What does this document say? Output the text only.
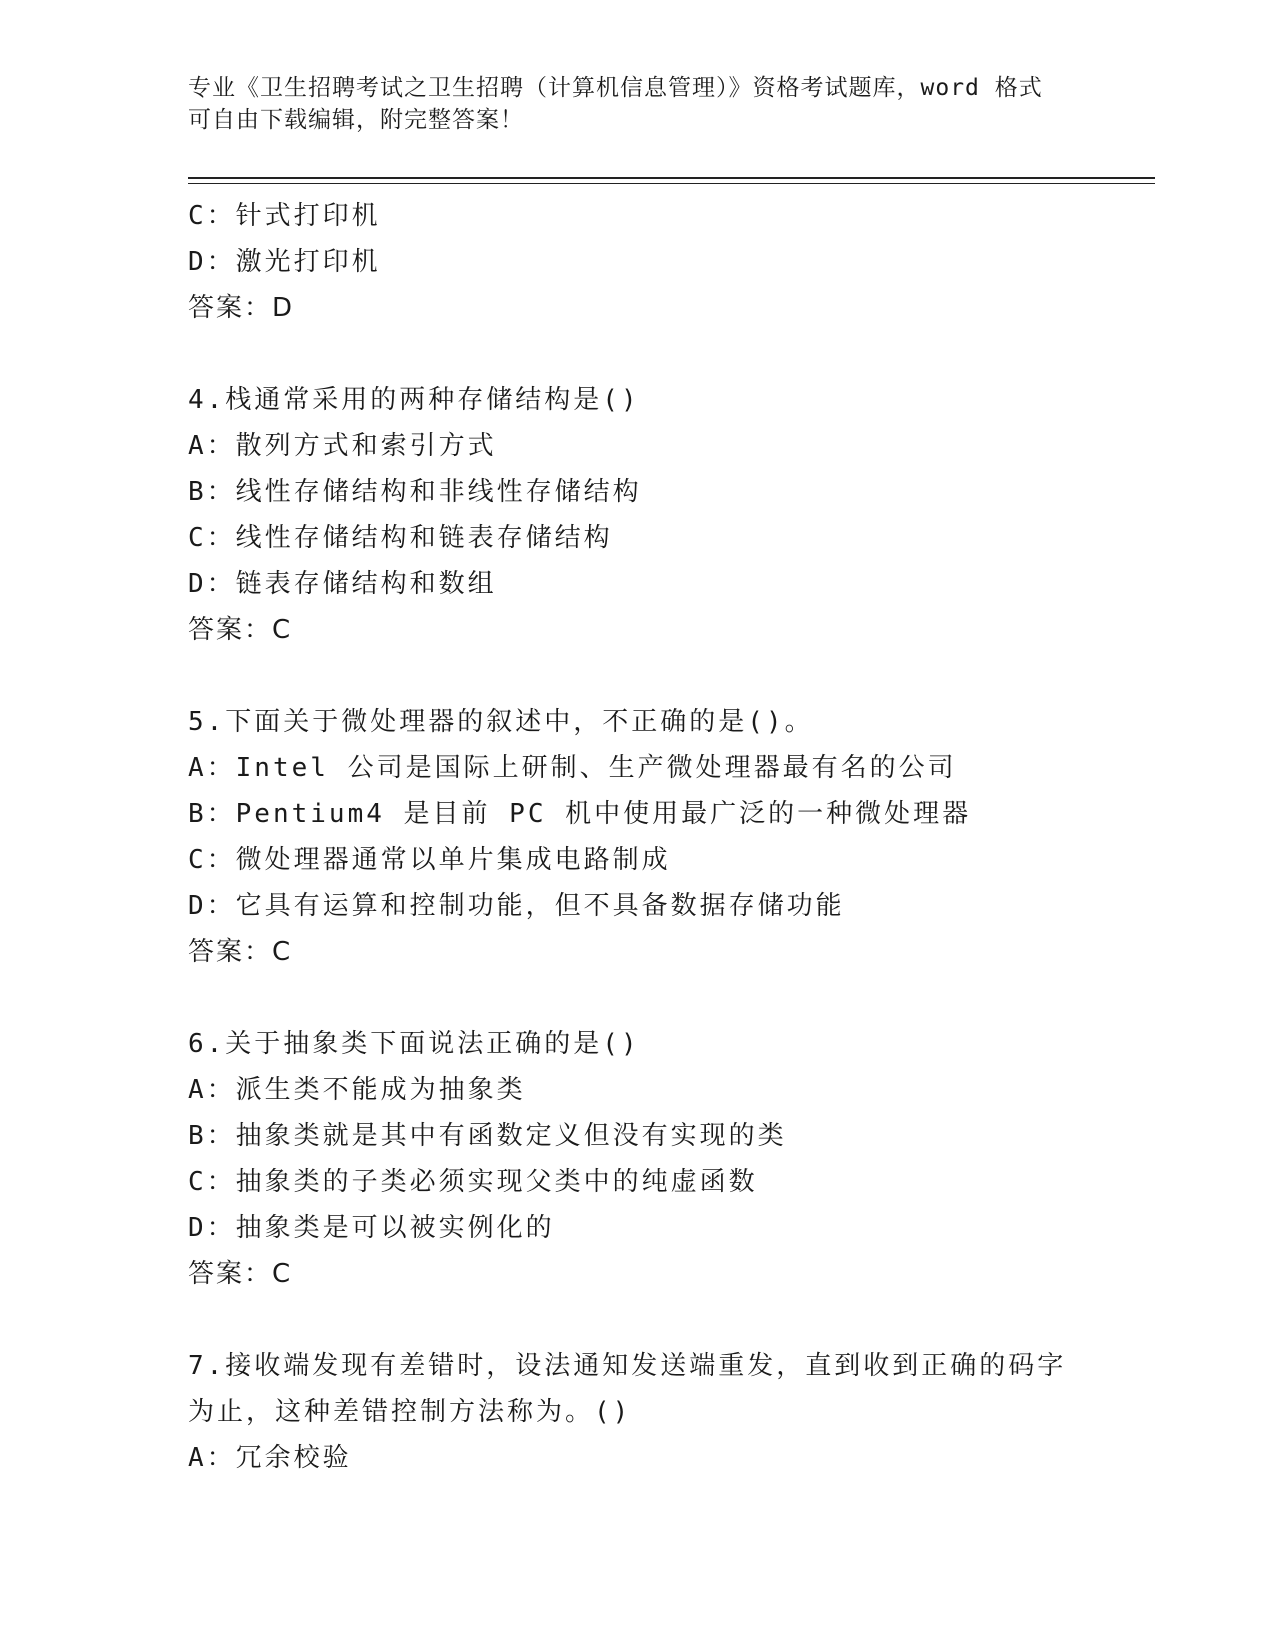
专业《卫生招聘考试之卫生招聘（计算机信息管理）》资格考试题库，word 格式
可自由下载编辑，附完整答案！
C：针式打印机
D：激光打印机
答案：D
4.栈通常采用的两种存储结构是()
A：散列方式和索引方式
B：线性存储结构和非线性存储结构
C：线性存储结构和链表存储结构
D：链表存储结构和数组
答案：C
5.下面关于微处理器的叙述中，不正确的是()。
A：Intel 公司是国际上研制、生产微处理器最有名的公司
B：Pentium4 是目前 PC 机中使用最广泛的一种微处理器
C：微处理器通常以单片集成电路制成
D：它具有运算和控制功能，但不具备数据存储功能
答案：C
6.关于抽象类下面说法正确的是()
A：派生类不能成为抽象类
B：抽象类就是其中有函数定义但没有实现的类
C：抽象类的子类必须实现父类中的纯虚函数
D：抽象类是可以被实例化的
答案：C
7.接收端发现有差错时，设法通知发送端重发，直到收到正确的码字
为止，这种差错控制方法称为。()
A：冗余校验
